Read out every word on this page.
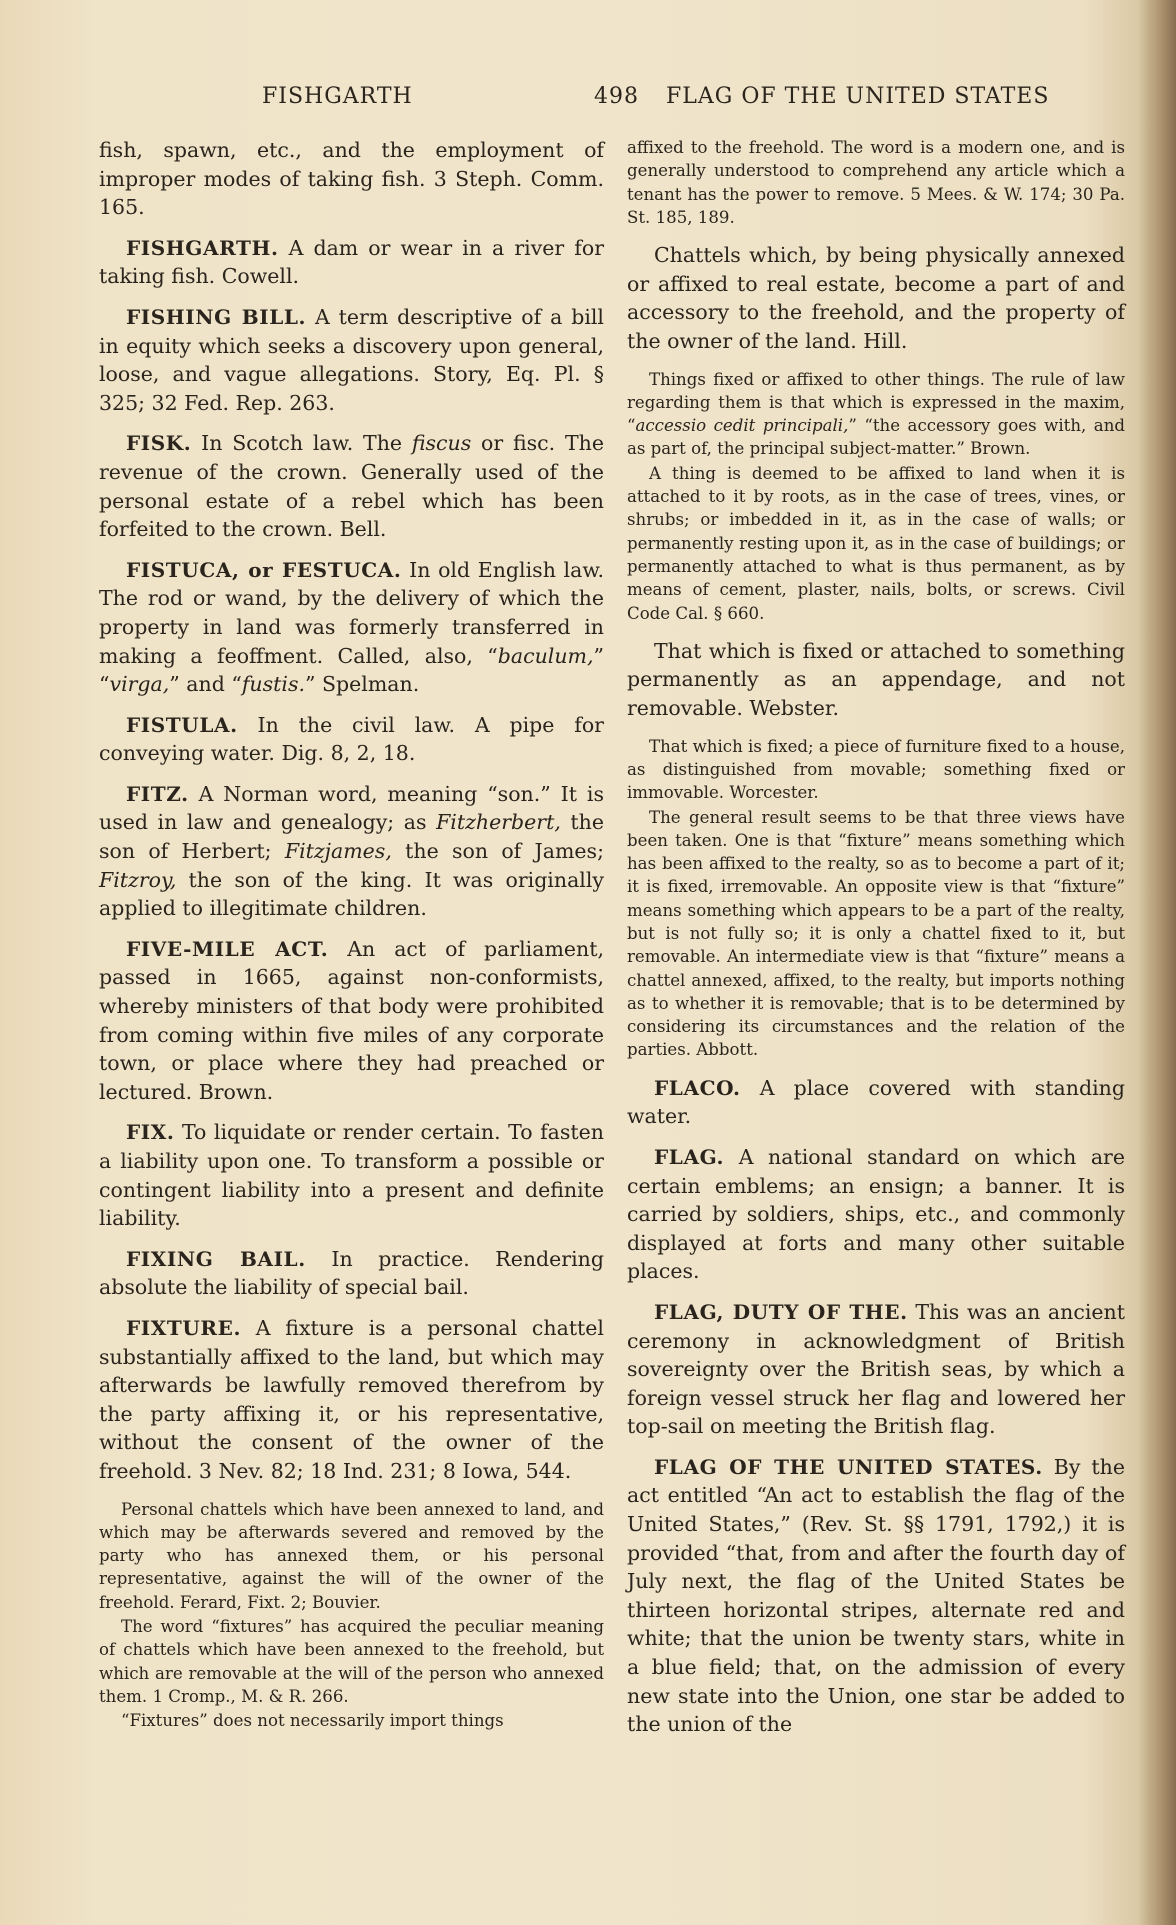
FISHGARTH	498 FLAG OF THE UNITED STATES

fish, spawn, etc., and the employment of improper modes of taking fish. 3 Steph. Comm. 165.

FISHGARTH. A dam or wear in a river for taking fish. Cowell.

FISHING BILL. A term descriptive of a bill in equity which seeks a discovery upon general, loose, and vague allegations. Story, Eq. Pl. § 325; 32 Fed. Rep. 263.

FISK. In Scotch law. The fiscus or fisc. The revenue of the crown. Generally used of the personal estate of a rebel which has been forfeited to the crown. Bell.

FISTUCA, or FESTUCA. In old English law. The rod or wand, by the delivery of which the property in land was formerly transferred in making a feoffment. Called, also, “baculum,” “virga,” and “fustis.” Spelman.

FISTULA. In the civil law. A pipe for conveying water. Dig. 8, 2, 18.

FITZ. A Norman word, meaning “son.” It is used in law and genealogy; as Fitzherbert, the son of Herbert; Fitzjames, the son of James; Fitzroy, the son of the king. It was originally applied to illegitimate children.

FIVE-MILE ACT. An act of parliament, passed in 1665, against non-conformists, whereby ministers of that body were prohibited from coming within five miles of any corporate town, or place where they had preached or lectured. Brown.

FIX. To liquidate or render certain. To fasten a liability upon one. To transform a possible or contingent liability into a present and definite liability.

FIXING BAIL. In practice. Rendering absolute the liability of special bail.

FIXTURE. A fixture is a personal chattel substantially affixed to the land, but which may afterwards be lawfully removed therefrom by the party affixing it, or his representative, without the consent of the owner of the freehold. 3 Nev. 82; 18 Ind. 231; 8 Iowa, 544.

Personal chattels which have been annexed to land, and which may be afterwards severed and removed by the party who has annexed them, or his personal representative, against the will of the owner of the freehold. Ferard, Fixt. 2; Bouvier.

The word “fixtures” has acquired the peculiar meaning of chattels which have been annexed to the freehold, but which are removable at the will of the person who annexed them. 1 Cromp., M. & R. 266.

“Fixtures” does not necessarily import things

affixed to the freehold. The word is a modern one, and is generally understood to comprehend any article which a tenant has the power to remove. 5 Mees. & W. 174; 30 Pa. St. 185, 189.

Chattels which, by being physically annexed or affixed to real estate, become a part of and accessory to the freehold, and the property of the owner of the land. Hill.

Things fixed or affixed to other things. The rule of law regarding them is that which is expressed in the maxim, “accessio cedit principali,” “the accessory goes with, and as part of, the principal subject-matter.” Brown.

A thing is deemed to be affixed to land when it is attached to it by roots, as in the case of trees, vines, or shrubs; or imbedded in it, as in the case of walls; or permanently resting upon it, as in the case of buildings; or permanently attached to what is thus permanent, as by means of cement, plaster, nails, bolts, or screws. Civil Code Cal. § 660.

That which is fixed or attached to something permanently as an appendage, and not removable. Webster.

That which is fixed; a piece of furniture fixed to a house, as distinguished from movable; something fixed or immovable. Worcester.

The general result seems to be that three views have been taken. One is that “fixture” means something which has been affixed to the realty, so as to become a part of it; it is fixed, irremovable. An opposite view is that “fixture” means something which appears to be a part of the realty, but is not fully so; it is only a chattel fixed to it, but removable. An intermediate view is that “fixture” means a chattel annexed, affixed, to the realty, but imports nothing as to whether it is removable; that is to be determined by considering its circumstances and the relation of the parties. Abbott.

FLACO. A place covered with standing water.

FLAG. A national standard on which are certain emblems; an ensign; a banner. It is carried by soldiers, ships, etc., and commonly displayed at forts and many other suitable places.

FLAG, DUTY OF THE. This was an ancient ceremony in acknowledgment of British sovereignty over the British seas, by which a foreign vessel struck her flag and lowered her top-sail on meeting the British flag.

FLAG OF THE UNITED STATES. By the act entitled “An act to establish the flag of the United States,” (Rev. St. §§ 1791, 1792,) it is provided “that, from and after the fourth day of July next, the flag of the United States be thirteen horizontal stripes, alternate red and white; that the union be twenty stars, white in a blue field; that, on the admission of every new state into the Union, one star be added to the union of the
